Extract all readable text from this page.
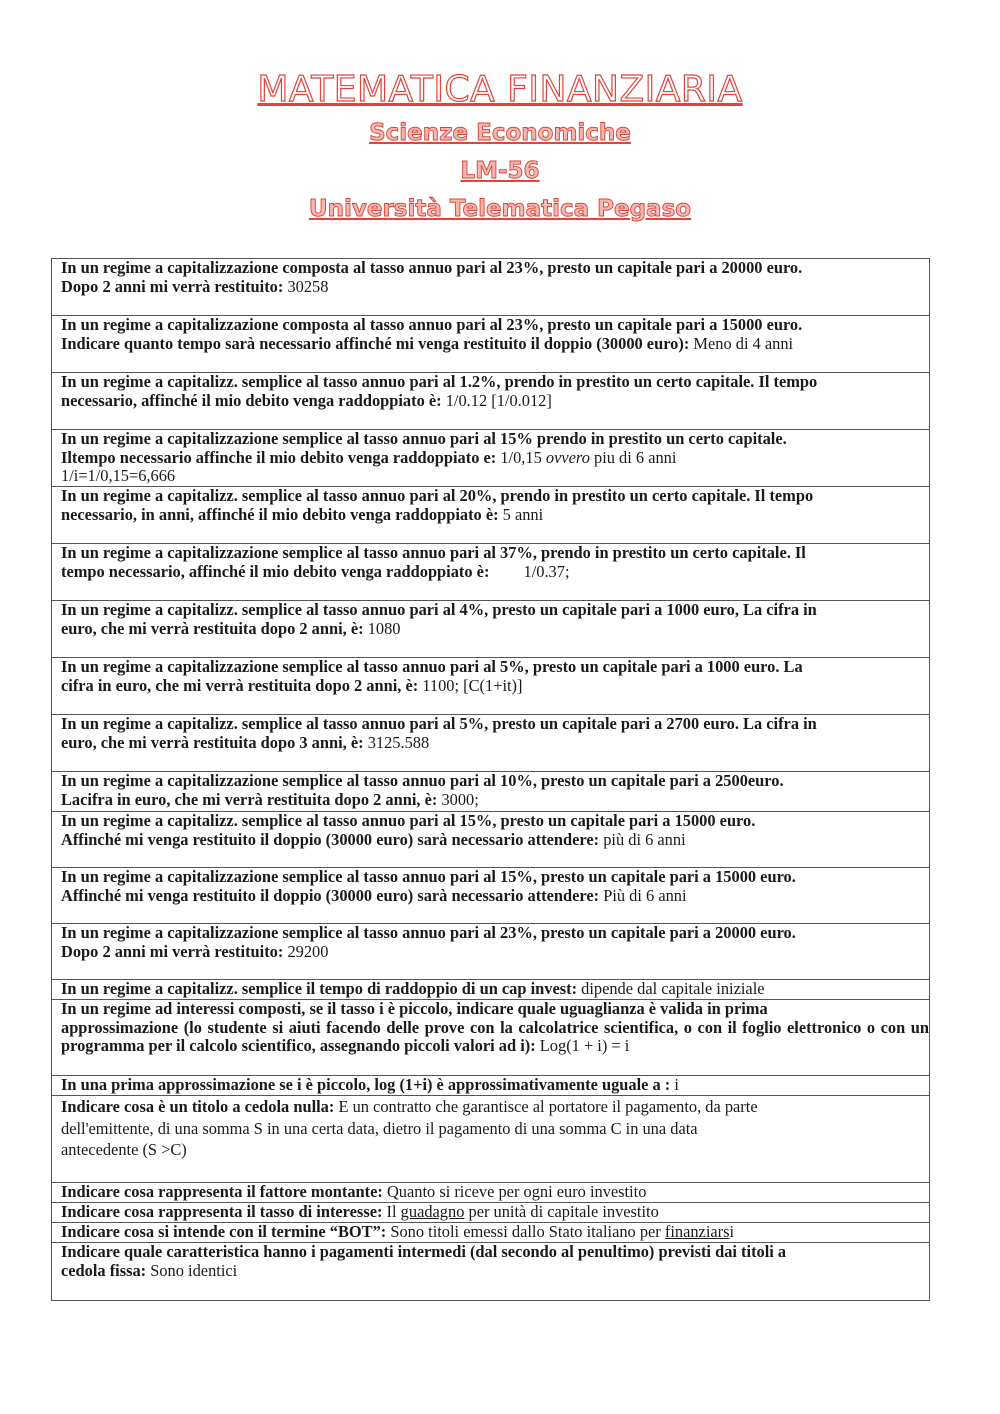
MATEMATICA FINANZIARIA
Scienze Economiche
LM-56
Università Telematica Pegaso
In un regime a capitalizzazione composta al tasso annuo pari al 23%, presto un capitale pari a 20000 euro.
Dopo 2 anni mi verrà restituito: 30258
In un regime a capitalizzazione composta al tasso annuo pari al 23%, presto un capitale pari a 15000 euro.
Indicare quanto tempo sarà necessario affinché mi venga restituito il doppio (30000 euro): Meno di 4 anni
In un regime a capitalizz. semplice al tasso annuo pari al 1.2%, prendo in prestito un certo capitale. Il tempo
necessario, affinché il mio debito venga raddoppiato è: 1/0.12 [1/0.012]
In un regime a capitalizzazione semplice al tasso annuo pari al 15% prendo in prestito un certo capitale.
Iltempo necessario affinche il mio debito venga raddoppiato e: 1/0,15 ovvero piu di 6 anni
1/i=1/0,15=6,666
In un regime a capitalizz. semplice al tasso annuo pari al 20%, prendo in prestito un certo capitale. Il tempo
necessario, in anni, affinché il mio debito venga raddoppiato è: 5 anni
In un regime a capitalizzazione semplice al tasso annuo pari al 37%, prendo in prestito un certo capitale. Il
tempo necessario, affinché il mio debito venga raddoppiato è: 1/0.37;
In un regime a capitalizz. semplice al tasso annuo pari al 4%, presto un capitale pari a 1000 euro, La cifra in
euro, che mi verrà restituita dopo 2 anni, è: 1080
In un regime a capitalizzazione semplice al tasso annuo pari al 5%, presto un capitale pari a 1000 euro. La
cifra in euro, che mi verrà restituita dopo 2 anni, è: 1100; [C(1+it)]
In un regime a capitalizz. semplice al tasso annuo pari al 5%, presto un capitale pari a 2700 euro. La cifra in
euro, che mi verrà restituita dopo 3 anni, è: 3125.588
In un regime a capitalizzazione semplice al tasso annuo pari al 10%, presto un capitale pari a 2500euro.
Lacifra in euro, che mi verrà restituita dopo 2 anni, è: 3000;
In un regime a capitalizz. semplice al tasso annuo pari al 15%, presto un capitale pari a 15000 euro.
Affinché mi venga restituito il doppio (30000 euro) sarà necessario attendere: più di 6 anni
In un regime a capitalizzazione semplice al tasso annuo pari al 15%, presto un capitale pari a 15000 euro.
Affinché mi venga restituito il doppio (30000 euro) sarà necessario attendere: Più di 6 anni
In un regime a capitalizzazione semplice al tasso annuo pari al 23%, presto un capitale pari a 20000 euro.
Dopo 2 anni mi verrà restituito: 29200
In un regime a capitalizz. semplice il tempo di raddoppio di un cap invest: dipende dal capitale iniziale
In un regime ad interessi composti, se il tasso i è piccolo, indicare quale uguaglianza è valida in prima
approssimazione (lo studente si aiuti facendo delle prove con la calcolatrice scientifica, o con il foglio elettronico o con un programma per il calcolo scientifico, assegnando piccoli valori ad i): Log(1 + i) = i
In una prima approssimazione se i è piccolo, log (1+i) è approssimativamente uguale a : i
Indicare cosa è un titolo a cedola nulla: E un contratto che garantisce al portatore il pagamento, da parte
dell'emittente, di una somma S in una certa data, dietro il pagamento di una somma C in una data
antecedente (S >C)
Indicare cosa rappresenta il fattore montante: Quanto si riceve per ogni euro investito
Indicare cosa rappresenta il tasso di interesse: Il guadagno per unità di capitale investito
Indicare cosa si intende con il termine “BOT”: Sono titoli emessi dallo Stato italiano per finanziarsi
Indicare quale caratteristica hanno i pagamenti intermedi (dal secondo al penultimo) previsti dai titoli a
cedola fissa: Sono identici
